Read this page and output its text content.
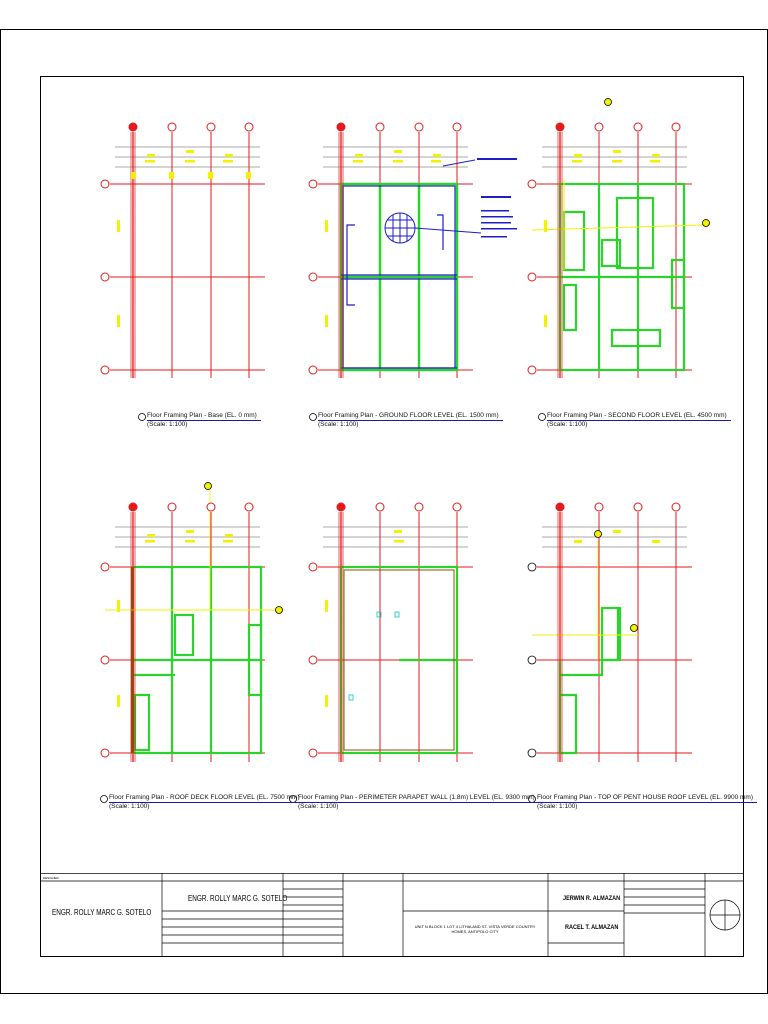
Floor Framing Plan - Base (EL. 0 mm)
(Scale: 1:100)
Floor Framing Plan - GROUND FLOOR LEVEL (EL. 1500 mm)
(Scale: 1:100)
Floor Framing Plan - SECOND FLOOR LEVEL (EL. 4500 mm)
(Scale: 1:100)
Floor Framing Plan - ROOF DECK FLOOR LEVEL (EL. 7500 mm)
(Scale: 1:100)
Floor Framing Plan - PERIMETER PARAPET WALL (1.8m) LEVEL (EL. 9300 mm)
(Scale: 1:100)
Floor Framing Plan - TOP OF PENT HOUSE ROOF LEVEL (EL. 9900 mm)
(Scale: 1:100)
DESIGNER
ENGR. ROLLY MARC G. SOTELO
ENGR. ROLLY MARC G. SOTELO	JERWIN R. ALMAZAN
RACEL T. ALMAZAN
UNIT N BLOCK 1 LOT 4 LITHIA AND ST. VISTA VERDE COUNTRY HOMES, ANTIPOLO CITY
